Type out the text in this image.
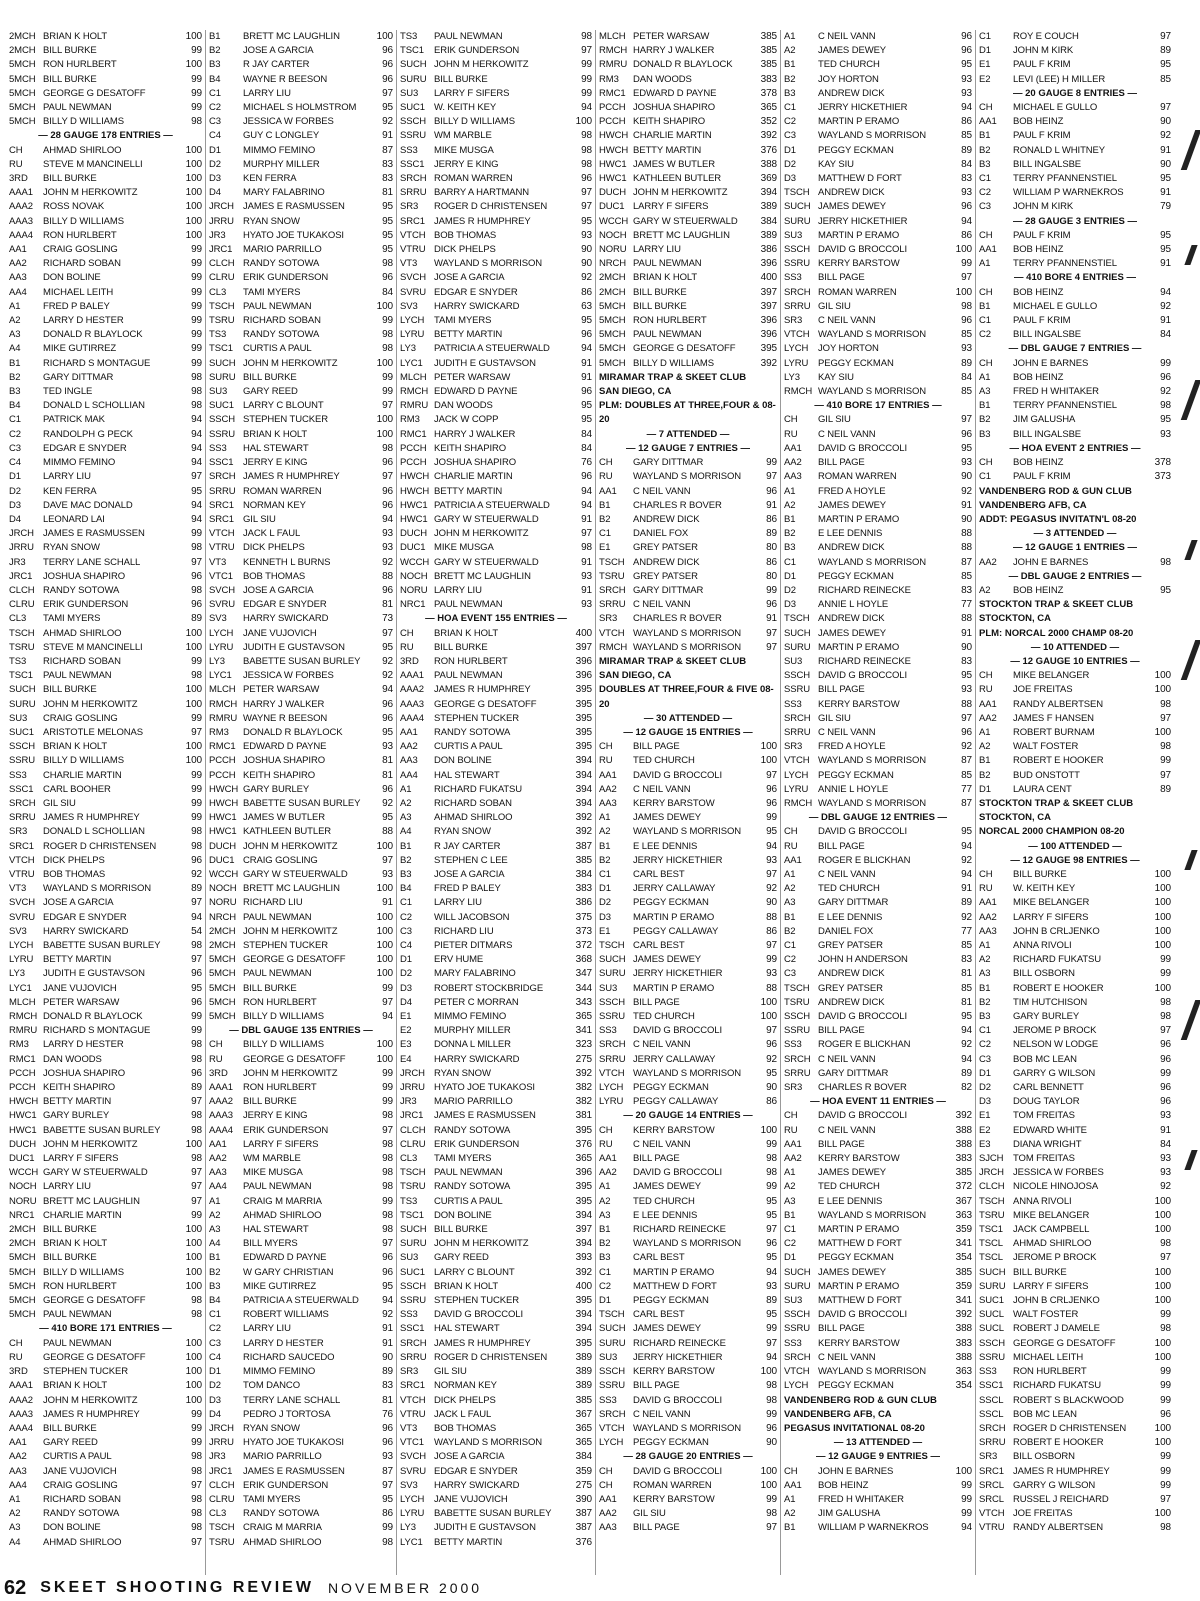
2MCH BRIAN K HOLT	100
2MCH BILL BURKE	99
5MCH RON HURLBERT	100
5MCH BILL BURKE	99
5MCH GEORGE G DESATOFF	99
5MCH PAUL NEWMAN	99
5MCH BILLY D WILLIAMS	98
— 28 GAUGE 178 ENTRIES —
CH	AHMAD SHIRLOO	100
RU	STEVE M MANCINELLI	100
3RD	BILL BURKE	100
AAA1	JOHN M HERKOWITZ	100
AAA2	ROSS NOVAK	100
AAA3	BILLY D WILLIAMS	100
AAA4	RON HURLBERT	100
AA1	CRAIG GOSLING	99
AA2	RICHARD SOBAN	99
AA3	DON BOLINE	99
AA4	MICHAEL LEITH	99
A1	FRED P BALEY	99
A2	LARRY D HESTER	99
A3	DONALD R BLAYLOCK	99
A4	MIKE GUTIRREZ	99
B1	RICHARD S MONTAGUE	99
B2	GARY DITTMAR	98
B3	TED INGLE	98
B4	DONALD L SCHOLLIAN	98
C1	PATRICK MAK	94
C2	RANDOLPH G PECK	94
C3	EDGAR E SNYDER	94
C4	MIMMO FEMINO	94
D1	LARRY LIU	97
D2	KEN FERRA	95
D3	DAVE MAC DONALD	94
D4	LEONARD LAI	94
JRCH JAMES E RASMUSSEN	99
JRRU RYAN SNOW	98
JR3	TERRY LANE SCHALL	97
JRC1	JOSHUA SHAPIRO	96
CLCH RANDY SOTOWA	98
CLRU ERIK GUNDERSON	96
CL3	TAMI MYERS	89
TSCH AHMAD SHIRLOO	100
TSRU STEVE M MANCINELLI	100
TS3	RICHARD SOBAN	99
TSC1	PAUL NEWMAN	98
SUCH BILL BURKE	100
SURU JOHN M HERKOWITZ	100
SU3	CRAIG GOSLING	99
SUC1 ARISTOTLE MELONAS	97
SSCH BRIAN K HOLT	100
SSRU BILLY D WILLIAMS	100
SS3	CHARLIE MARTIN	99
SSC1	CARL BOOHER	99
SRCH GIL SIU	99
SRRU JAMES R HUMPHREY	99
SR3	DONALD L SCHOLLIAN	98
SRC1 ROGER D CHRISTENSEN	98
VTCH DICK PHELPS	96
VTRU BOB THOMAS	92
VT3	WAYLAND S MORRISON	89
SVCH JOSE A GARCIA	97
SVRU EDGAR E SNYDER	94
SV3	HARRY SWICKARD	54
LYCH	BABETTE SUSAN BURLEY	98
LYRU	BETTY MARTIN	97
LY3	JUDITH E GUSTAVSON	96
LYC1	JANE VUJOVICH	95
MLCH PETER WARSAW	96
RMCH DONALD R BLAYLOCK	99
RMRU RICHARD S MONTAGUE	99
RM3	LARRY D HESTER	98
RMC1 DAN WOODS	98
PCCH JOSHUA SHAPIRO	96
PCCH KEITH SHAPIRO	89
HWCH BETTY MARTIN	97
HWC1 GARY BURLEY	98
HWC1 BABETTE SUSAN BURLEY	98
DUCH JOHN M HERKOWITZ	100
DUC1 LARRY F SIFERS	98
WCCH GARY W STEUERWALD	97
NOCH LARRY LIU	97
NORU BRETT MC LAUGHLIN	97
NRC1 CHARLIE MARTIN	99
2MCH BILL BURKE	100
2MCH BRIAN K HOLT	100
5MCH BILL BURKE	100
5MCH BILLY D WILLIAMS	100
5MCH RON HURLBERT	100
5MCH GEORGE G DESATOFF	98
5MCH PAUL NEWMAN	98
— 410 BORE 171 ENTRIES —
CH	PAUL NEWMAN	100
RU	GEORGE G DESATOFF	100
3RD	STEPHEN TUCKER	100
AAA1	BRIAN K HOLT	100
AAA2	JOHN M HERKOWITZ	100
AAA3	JAMES R HUMPHREY	99
AAA4	BILL BURKE	99
AA1	GARY REED	99
AA2	CURTIS A PAUL	98
AA3	JANE VUJOVICH	98
AA4	CRAIG GOSLING	97
A1	RICHARD SOBAN	98
A2	RANDY SOTOWA	98
A3	DON BOLINE	98
A4	AHMAD SHIRLOO	97
B1	BRETT MC LAUGHLIN	100
B2	JOSE A GARCIA	96
B3	R JAY CARTER	96
B4	WAYNE R BEESON	96
C1	LARRY LIU	97
C2	MICHAEL S HOLMSTROM	95
C3	JESSICA W FORBES	92
C4	GUY C LONGLEY	91
D1	MIMMO FEMINO	87
D2	MURPHY MILLER	83
D3	KEN FERRA	83
D4	MARY FALABRINO	81
JRCH JAMES E RASMUSSEN	95
JRRU RYAN SNOW	95
JR3	HYATO JOE TUKAKOSI	95
JRC1	MARIO PARRILLO	95
CLCH RANDY SOTOWA	98
CLRU ERIK GUNDERSON	96
CL3	TAMI MYERS	84
TSCH PAUL NEWMAN	100
TSRU RICHARD SOBAN	99
TS3	RANDY SOTOWA	98
TSC1	CURTIS A PAUL	98
SUCH JOHN M HERKOWITZ	100
SURU BILL BURKE	99
SU3	GARY REED	99
SUC1 LARRY C BLOUNT	97
SSCH STEPHEN TUCKER	100
SSRU BRIAN K HOLT	100
SS3	HAL STEWART	98
SSC1	JERRY E KING	96
SRCH JAMES R HUMPHREY	97
SRRU ROMAN WARREN	96
SRC1 NORMAN KEY	96
SRC1 GIL SIU	94
VTCH JACK L FAUL	93
VTRU DICK PHELPS	93
VT3	KENNETH L BURNS	92
VTC1	BOB THOMAS	88
SVCH JOSE A GARCIA	96
SVRU EDGAR E SNYDER	81
SV3	HARRY SWICKARD	73
LYCH	JANE VUJOVICH	97
LYRU	JUDITH E GUSTAVSON	95
LY3	BABETTE SUSAN BURLEY	92
LYC1	JESSICA W FORBES	92
MLCH PETER WARSAW	94
RMCH HARRY J WALKER	96
RMRU WAYNE R BEESON	96
RM3	DONALD R BLAYLOCK	95
RMC1 EDWARD D PAYNE	93
PCCH JOSHUA SHAPIRO	81
PCCH KEITH SHAPIRO	81
HWCH GARY BURLEY	96
HWCH BABETTE SUSAN BURLEY	92
HWC1 JAMES W BUTLER	95
HWC1 KATHLEEN BUTLER	88
DUCH JOHN M HERKOWITZ	100
DUC1 CRAIG GOSLING	97
WCCH GARY W STEUERWALD	93
NOCH BRETT MC LAUGHLIN	100
NORU RICHARD LIU	91
NRCH PAUL NEWMAN	100
2MCH JOHN M HERKOWITZ	100
2MCH STEPHEN TUCKER	100
5MCH GEORGE G DESATOFF	100
5MCH PAUL NEWMAN	100
5MCH BILL BURKE	99
5MCH RON HURLBERT	97
5MCH BILLY D WILLIAMS	94
— DBL GAUGE 135 ENTRIES —
CH	BILLY D WILLIAMS	100
RU	GEORGE G DESATOFF	100
3RD	JOHN M HERKOWITZ	99
AAA1	RON HURLBERT	99
AAA2	BILL BURKE	99
AAA3	JERRY E KING	98
AAA4	ERIK GUNDERSON	97
AA1	LARRY F SIFERS	98
AA2	WM MARBLE	98
AA3	MIKE MUSGA	98
AA4	PAUL NEWMAN	98
A1	CRAIG M MARRIA	99
A2	AHMAD SHIRLOO	98
A3	HAL STEWART	98
A4	BILL MYERS	97
B1	EDWARD D PAYNE	96
B2	W GARY CHRISTIAN	96
B3	MIKE GUTIRREZ	95
B4	PATRICIA A STEUERWALD	94
C1	ROBERT WILLIAMS	92
C2	LARRY LIU	91
C3	LARRY D HESTER	91
C4	RICHARD SAUCEDO	90
D1	MIMMO FEMINO	89
D2	TOM DANCO	83
D3	TERRY LANE SCHALL	81
D4	PEDRO J TORTOSA	76
JRCH RYAN SNOW	96
JRRU HYATO JOE TUKAKOSI	96
JR3	MARIO PARRILLO	93
JRC1	JAMES E RASMUSSEN	87
CLCH ERIK GUNDERSON	97
CLRU TAMI MYERS	95
CL3	RANDY SOTOWA	86
TSCH CRAIG M MARRIA	99
TSRU AHMAD SHIRLOO	98
TS3	PAUL NEWMAN	98
TSC1	ERIK GUNDERSON	97
SUCH JOHN M HERKOWITZ	99
SURU BILL BURKE	99
SU3	LARRY F SIFERS	99
SUC1 W. KEITH KEY	94
SSCH BILLY D WILLIAMS	100
SSRU WM MARBLE	98
SS3	MIKE MUSGA	98
SSC1	JERRY E KING	98
SRCH ROMAN WARREN	96
SRRU BARRY A HARTMANN	97
SR3	ROGER D CHRISTENSEN	97
SRC1 JAMES R HUMPHREY	95
VTCH BOB THOMAS	93
VTRU DICK PHELPS	90
VT3	WAYLAND S MORRISON	90
SVCH JOSE A GARCIA	92
SVRU EDGAR E SNYDER	86
SV3	HARRY SWICKARD	63
LYCH	TAMI MYERS	95
LYRU	BETTY MARTIN	96
LY3	PATRICIA A STEUERWALD	94
LYC1	JUDITH E GUSTAVSON	91
MLCH PETER WARSAW	91
RMCH EDWARD D PAYNE	96
RMRU DAN WOODS	95
RM3	JACK W COPP	95
RMC1 HARRY J WALKER	84
PCCH KEITH SHAPIRO	84
PCCH JOSHUA SHAPIRO	76
HWCH CHARLIE MARTIN	96
HWCH BETTY MARTIN	94
HWC1 PATRICIA A STEUERWALD	94
HWC1 GARY W STEUERWALD	91
DUCH JOHN M HERKOWITZ	97
DUC1 MIKE MUSGA	98
WCCH GARY W STEUERWALD	91
NOCH BRETT MC LAUGHLIN	93
NORU LARRY LIU	91
NRC1 PAUL NEWMAN	93
— HOA EVENT 155 ENTRIES —
CH	BRIAN K HOLT	400
RU	BILL BURKE	397
3RD	RON HURLBERT	396
AAA1	PAUL NEWMAN	396
AAA2	JAMES R HUMPHREY	395
AAA3	GEORGE G DESATOFF	395
AAA4	STEPHEN TUCKER	395
AA1	RANDY SOTOWA	395
AA2	CURTIS A PAUL	395
AA3	DON BOLINE	394
AA4	HAL STEWART	394
A1	RICHARD FUKATSU	394
A2	RICHARD SOBAN	394
A3	AHMAD SHIRLOO	392
A4	RYAN SNOW	392
B1	R JAY CARTER	387
B2	STEPHEN C LEE	385
B3	JOSE A GARCIA	384
B4	FRED P BALEY	383
C1	LARRY LIU	386
C2	WILL JACOBSON	375
C3	RICHARD LIU	373
C4	PIETER DITMARS	372
D1	ERV HUME	368
D2	MARY FALABRINO	347
D3	ROBERT STOCKBRIDGE	344
D4	PETER C MORRAN	343
E1	MIMMO FEMINO	365
E2	MURPHY MILLER	341
E3	DONNA L MILLER	323
E4	HARRY SWICKARD	275
JRCH RYAN SNOW	392
JRRU HYATO JOE TUKAKOSI	382
JR3	MARIO PARRILLO	382
JRC1	JAMES E RASMUSSEN	381
CLCH RANDY SOTOWA	395
CLRU ERIK GUNDERSON	376
CL3	TAMI MYERS	365
TSCH PAUL NEWMAN	396
TSRU RANDY SOTOWA	395
TS3	CURTIS A PAUL	395
TSC1	DON BOLINE	394
SUCH BILL BURKE	397
SURU JOHN M HERKOWITZ	394
SU3	GARY REED	393
SUC1 LARRY C BLOUNT	392
SSCH BRIAN K HOLT	400
SSRU STEPHEN TUCKER	395
SS3	DAVID G BROCCOLI	394
SSC1	HAL STEWART	394
SRCH JAMES R HUMPHREY	395
SRRU ROGER D CHRISTENSEN	389
SR3	GIL SIU	389
SRC1 NORMAN KEY	389
VTCH DICK PHELPS	385
VTRU JACK L FAUL	367
VT3	BOB THOMAS	365
VTC1	WAYLAND S MORRISON	365
SVCH JOSE A GARCIA	384
SVRU EDGAR E SNYDER	359
SV3	HARRY SWICKARD	275
LYCH	JANE VUJOVICH	390
LYRU	BABETTE SUSAN BURLEY	387
LY3	JUDITH E GUSTAVSON	387
LYC1	BETTY MARTIN	376
MLCH PETER WARSAW	385
RMCH HARRY J WALKER	385
RMRU DONALD R BLAYLOCK	385
RM3	DAN WOODS	383
RMC1 EDWARD D PAYNE	378
PCCH JOSHUA SHAPIRO	365
PCCH KEITH SHAPIRO	352
HWCH CHARLIE MARTIN	392
HWCH BETTY MARTIN	376
HWC1 JAMES W BUTLER	388
HWC1 KATHLEEN BUTLER	369
DUCH JOHN M HERKOWITZ	394
DUC1 LARRY F SIFERS	389
WCCH GARY W STEUERWALD	384
NOCH BRETT MC LAUGHLIN	389
NORU LARRY LIU	386
NRCH PAUL NEWMAN	396
2MCH BRIAN K HOLT	400
2MCH BILL BURKE	397
5MCH BILL BURKE	397
5MCH RON HURLBERT	396
5MCH PAUL NEWMAN	396
5MCH GEORGE G DESATOFF	395
5MCH BILLY D WILLIAMS	392
MIRAMAR TRAP & SKEET CLUB
SAN DIEGO, CA
PLM: DOUBLES AT THREE,FOUR & 08-
20
— 7 ATTENDED —
— 12 GAUGE 7 ENTRIES —
CH	GARY DITTMAR	99
RU	WAYLAND S MORRISON	97
AA1	C NEIL VANN	96
B1	CHARLES R BOVER	91
B2	ANDREW DICK	86
C1	DANIEL FOX	89
E1	GREY PATSER	80
TSCH ANDREW DICK	86
TSRU GREY PATSER	80
SRCH GARY DITTMAR	99
SRRU C NEIL VANN	96
SR3	CHARLES R BOVER	91
VTCH WAYLAND S MORRISON	97
RMCH WAYLAND S MORRISON	97
MIRAMAR TRAP & SKEET CLUB
SAN DIEGO, CA
DOUBLES AT THREE,FOUR & FIVE 08-
20
— 30 ATTENDED —
— 12 GAUGE 15 ENTRIES —
CH	BILL PAGE	100
RU	TED CHURCH	100
AA1	DAVID G BROCCOLI	97
AA2	C NEIL VANN	96
AA3	KERRY BARSTOW	96
A1	JAMES DEWEY	99
A2	WAYLAND S MORRISON	95
B1	E LEE DENNIS	94
B2	JERRY HICKETHIER	93
C1	CARL BEST	97
D1	JERRY CALLAWAY	92
D2	PEGGY ECKMAN	90
D3	MARTIN P ERAMO	88
E1	PEGGY CALLAWAY	86
TSCH CARL BEST	97
SUCH JAMES DEWEY	99
SURU JERRY HICKETHIER	93
SU3	MARTIN P ERAMO	88
SSCH BILL PAGE	100
SSRU TED CHURCH	100
SS3	DAVID G BROCCOLI	97
SRCH C NEIL VANN	96
SRRU JERRY CALLAWAY	92
VTCH WAYLAND S MORRISON	95
LYCH	PEGGY ECKMAN	90
LYRU	PEGGY CALLAWAY	86
— 20 GAUGE 14 ENTRIES —
CH	KERRY BARSTOW	100
RU	C NEIL VANN	99
AA1	BILL PAGE	98
AA2	DAVID G BROCCOLI	98
A1	JAMES DEWEY	99
A2	TED CHURCH	95
A3	E LEE DENNIS	95
B1	RICHARD REINECKE	97
B2	WAYLAND S MORRISON	96
B3	CARL BEST	95
C1	MARTIN P ERAMO	94
C2	MATTHEW D FORT	93
D1	PEGGY ECKMAN	89
TSCH CARL BEST	95
SUCH JAMES DEWEY	99
SURU RICHARD REINECKE	97
SU3	JERRY HICKETHIER	94
SSCH KERRY BARSTOW	100
SSRU BILL PAGE	98
SS3	DAVID G BROCCOLI	98
SRCH C NEIL VANN	99
VTCH WAYLAND S MORRISON	96
LYCH	PEGGY ECKMAN	90
— 28 GAUGE 20 ENTRIES —
CH	DAVID G BROCCOLI	100
CH	ROMAN WARREN	100
AA1	KERRY BARSTOW	99
AA2	GIL SIU	98
AA3	BILL PAGE	97
A1	C NEIL VANN	96
A2	JAMES DEWEY	96
B1	TED CHURCH	95
B2	JOY HORTON	93
B3	ANDREW DICK	93
C1	JERRY HICKETHIER	94
C2	MARTIN P ERAMO	86
C3	WAYLAND S MORRISON	85
D1	PEGGY ECKMAN	89
D2	KAY SIU	84
D3	MATTHEW D FORT	83
TSCH ANDREW DICK	93
SUCH JAMES DEWEY	96
SURU JERRY HICKETHIER	94
SU3	MARTIN P ERAMO	86
SSCH DAVID G BROCCOLI	100
SSRU KERRY BARSTOW	99
SS3	BILL PAGE	97
SRCH ROMAN WARREN	100
SRRU GIL SIU	98
SR3	C NEIL VANN	96
VTCH WAYLAND S MORRISON	85
LYCH	JOY HORTON	93
LYRU	PEGGY ECKMAN	89
LY3	KAY SIU	84
RMCH WAYLAND S MORRISON	85
— 410 BORE 17 ENTRIES —
CH	GIL SIU	97
RU	C NEIL VANN	96
AA1	DAVID G BROCCOLI	95
AA2	BILL PAGE	93
AA3	ROMAN WARREN	90
A1	FRED A HOYLE	92
A2	JAMES DEWEY	91
B1	MARTIN P ERAMO	90
B2	E LEE DENNIS	88
B3	ANDREW DICK	88
C1	WAYLAND S MORRISON	87
D1	PEGGY ECKMAN	85
D2	RICHARD REINECKE	83
D3	ANNIE L HOYLE	77
TSCH ANDREW DICK	88
SUCH JAMES DEWEY	91
SURU MARTIN P ERAMO	90
SU3	RICHARD REINECKE	83
SSCH DAVID G BROCCOLI	95
SSRU BILL PAGE	93
SS3	KERRY BARSTOW	88
SRCH GIL SIU	97
SRRU C NEIL VANN	96
SR3	FRED A HOYLE	92
VTCH WAYLAND S MORRISON	87
LYCH	PEGGY ECKMAN	85
LYRU	ANNIE L HOYLE	77
RMCH WAYLAND S MORRISON	87
— DBL GAUGE 12 ENTRIES —
CH	DAVID G BROCCOLI	95
RU	BILL PAGE	94
AA1	ROGER E BLICKHAN	92
A1	C NEIL VANN	94
A2	TED CHURCH	91
A3	GARY DITTMAR	89
B1	E LEE DENNIS	92
B2	DANIEL FOX	77
C1	GREY PATSER	85
C2	JOHN H ANDERSON	83
C3	ANDREW DICK	81
TSCH GREY PATSER	85
TSRU ANDREW DICK	81
SSCH DAVID G BROCCOLI	95
SSRU BILL PAGE	94
SS3	ROGER E BLICKHAN	92
SRCH C NEIL VANN	94
SRRU GARY DITTMAR	89
SR3	CHARLES R BOVER	82
— HOA EVENT 11 ENTRIES —
CH	DAVID G BROCCOLI	392
RU	C NEIL VANN	388
AA1	BILL PAGE	388
AA2	KERRY BARSTOW	383
A1	JAMES DEWEY	385
A2	TED CHURCH	372
A3	E LEE DENNIS	367
B1	WAYLAND S MORRISON	363
C1	MARTIN P ERAMO	359
C2	MATTHEW D FORT	341
D1	PEGGY ECKMAN	354
SUCH JAMES DEWEY	385
SURU MARTIN P ERAMO	359
SU3	MATTHEW D FORT	341
SSCH DAVID G BROCCOLI	392
SSRU BILL PAGE	388
SS3	KERRY BARSTOW	383
SRCH C NEIL VANN	388
VTCH WAYLAND S MORRISON	363
LYCH	PEGGY ECKMAN	354
VANDENBERG ROD & GUN CLUB
VANDENBERG AFB, CA
PEGASUS INVITATIONAL 08-20
— 13 ATTENDED —
— 12 GAUGE 9 ENTRIES —
CH	JOHN E BARNES	100
AA1	BOB HEINZ	99
A1	FRED H WHITAKER	99
A2	JIM GALUSHA	99
B1	WILLIAM P WARNEKROS	94
C1	ROY E COUCH	97
D1	JOHN M KIRK	89
E1	PAUL F KRIM	95
E2	LEVI (LEE) H MILLER	85
— 20 GAUGE 8 ENTRIES —
CH	MICHAEL E GULLO	97
AA1	BOB HEINZ	90
B1	PAUL F KRIM	92
B2	RONALD L WHITNEY	91
B3	BILL INGALSBE	90
C1	TERRY PFANNENSTIEL	95
C2	WILLIAM P WARNEKROS	91
C3	JOHN M KIRK	79
— 28 GAUGE 3 ENTRIES —
CH	PAUL F KRIM	95
AA1	BOB HEINZ	95
A1	TERRY PFANNENSTIEL	91
— 410 BORE 4 ENTRIES —
CH	BOB HEINZ	94
B1	MICHAEL E GULLO	92
C1	PAUL F KRIM	91
C2	BILL INGALSBE	84
— DBL GAUGE 7 ENTRIES —
CH	JOHN E BARNES	99
A1	BOB HEINZ	96
A3	FRED H WHITAKER	92
B1	TERRY PFANNENSTIEL	98
B2	JIM GALUSHA	95
B3	BILL INGALSBE	93
— HOA EVENT 2 ENTRIES —
CH	BOB HEINZ	378
C1	PAUL F KRIM	373
VANDENBERG ROD & GUN CLUB
VANDENBERG AFB, CA
ADDT: PEGASUS INVITATN'L 08-20
— 3 ATTENDED —
— 12 GAUGE 1 ENTRIES —
AA2	JOHN E BARNES	98
— DBL GAUGE 2 ENTRIES —
A2	BOB HEINZ	95
STOCKTON TRAP & SKEET CLUB
STOCKTON, CA
PLM: NORCAL 2000 CHAMP 08-20
— 10 ATTENDED —
— 12 GAUGE 10 ENTRIES —
CH	MIKE BELANGER	100
RU	JOE FREITAS	100
AA1	RANDY ALBERTSEN	98
AA2	JAMES F HANSEN	97
A1	ROBERT BURNAM	100
A2	WALT FOSTER	98
B1	ROBERT E HOOKER	99
B2	BUD ONSTOTT	97
D1	LAURA CENT	89
STOCKTON TRAP & SKEET CLUB
STOCKTON, CA
NORCAL 2000 CHAMPION 08-20
— 100 ATTENDED —
— 12 GAUGE 98 ENTRIES —
CH	BILL BURKE	100
RU	W. KEITH KEY	100
AA1	MIKE BELANGER	100
AA2	LARRY F SIFERS	100
AA3	JOHN B CRLJENKO	100
A1	ANNA RIVOLI	100
A2	RICHARD FUKATSU	99
A3	BILL OSBORN	99
B1	ROBERT E HOOKER	100
B2	TIM HUTCHISON	98
B3	GARY BURLEY	98
C1	JEROME P BROCK	97
C2	NELSON W LODGE	96
C3	BOB MC LEAN	96
D1	GARRY G WILSON	99
D2	CARL BENNETT	96
D3	DOUG TAYLOR	96
E1	TOM FREITAS	93
E2	EDWARD WHITE	91
E3	DIANA WRIGHT	84
SJCH	TOM FREITAS	93
JRCH JESSICA W FORBES	93
CLCH NICOLE HINOJOSA	92
TSCH ANNA RIVOLI	100
TSRU MIKE BELANGER	100
TSC1	JACK CAMPBELL	100
TSCL	AHMAD SHIRLOO	98
TSCL	JEROME P BROCK	97
SUCH BILL BURKE	100
SURU LARRY F SIFERS	100
SUC1 JOHN B CRLJENKO	100
SUCL WALT FOSTER	99
SUCL ROBERT J DAMELE	98
SSCH GEORGE G DESATOFF	100
SSRU MICHAEL LEITH	100
SS3	RON HURLBERT	99
SSC1	RICHARD FUKATSU	99
SSCL	ROBERT S BLACKWOOD	99
SSCL	BOB MC LEAN	96
SRCH ROGER D CHRISTENSEN	100
SRRU ROBERT E HOOKER	100
SR3	BILL OSBORN	99
SRC1 JAMES R HUMPHREY	99
SRCL GARRY G WILSON	99
SRCL RUSSEL J REICHARD	97
VTCH JOE FREITAS	100
VTRU RANDY ALBERTSEN	98
62 SKEET SHOOTING REVIEW NOVEMBER 2000
